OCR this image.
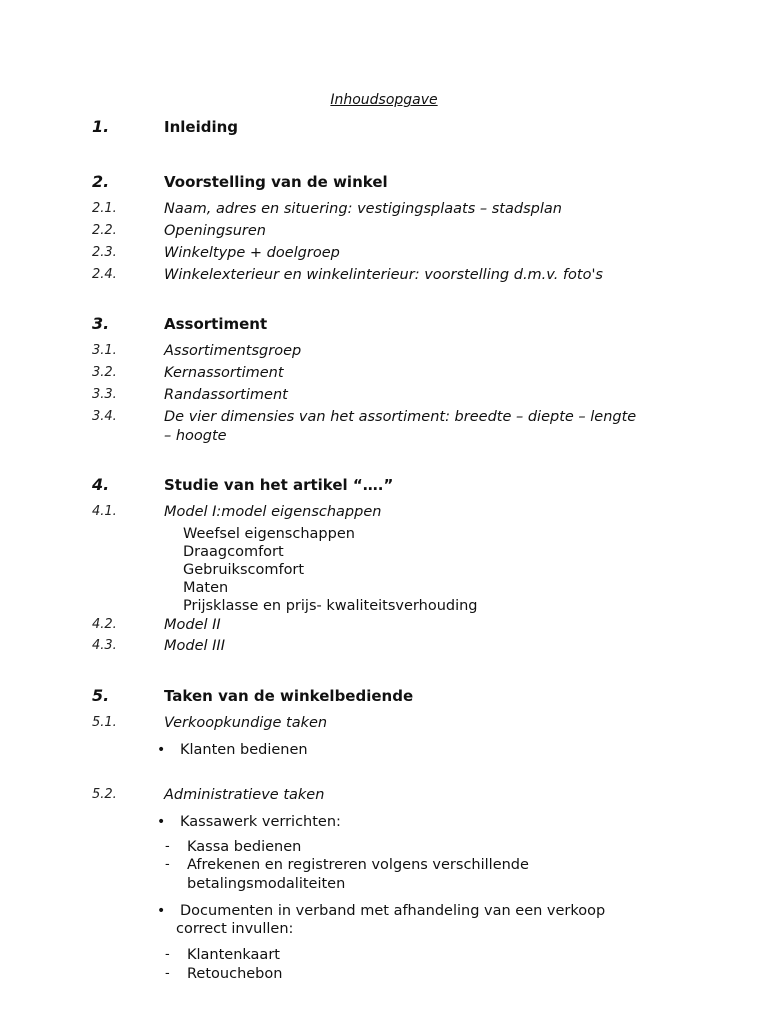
Inhoudsopgave
1.	Inleiding
2.	Voorstelling van de winkel
2.1.	Naam, adres en situering: vestigingsplaats – stadsplan
2.2.	Openingsuren
2.3.	Winkeltype + doelgroep
2.4.	Winkelexterieur en winkelinterieur: voorstelling d.m.v. foto's
3.	Assortiment
3.1.	Assortimentsgroep
3.2.	Kernassortiment
3.3.	Randassortiment
3.4.	De vier dimensies van het assortiment: breedte – diepte – lengte
– hoogte
4.	Studie van het artikel “….”
4.1.	Model I:model eigenschappen
Weefsel eigenschappen
Draagcomfort
Gebruikscomfort
Maten
Prijsklasse en prijs- kwaliteitsverhouding
4.2.	Model II
4.3.	Model III
5.	Taken van de winkelbediende
5.1.	Verkoopkundige taken
• Klanten bedienen
5.2.	Administratieve taken
• Kassawerk verrichten:
- Kassa bedienen
- Afrekenen en registreren volgens verschillende
betalingsmodaliteiten
• Documenten in verband met afhandeling van een verkoop
correct invullen:
- Klantenkaart
- Retouchebon
